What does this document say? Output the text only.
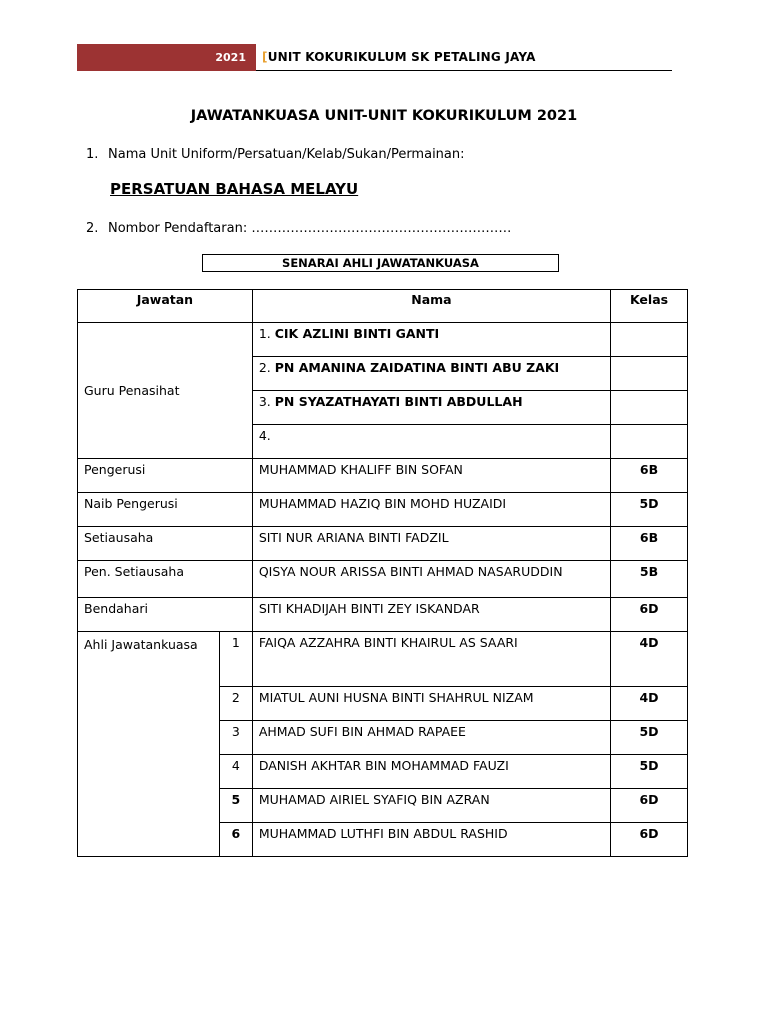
2021 [UNIT KOKURIKULUM SK PETALING JAYA
JAWATANKUASA UNIT-UNIT KOKURIKULUM 2021
1. Nama Unit Uniform/Persatuan/Kelab/Sukan/Permainan:
PERSATUAN BAHASA MELAYU
2. Nombor Pendaftaran: ……………………………………………………
SENARAI AHLI JAWATANKUASA
Jawatan		Nama	Kelas
Guru Penasihat		1. CIK AZLINI BINTI GANTI	
		2. PN AMANINA ZAIDATINA BINTI ABU ZAKI	
		3. PN SYAZATHAYATI BINTI ABDULLAH	
		4.	
Pengerusi		MUHAMMAD KHALIFF BIN SOFAN	6B
Naib Pengerusi		MUHAMMAD HAZIQ BIN MOHD HUZAIDI	5D
Setiausaha		SITI NUR ARIANA BINTI FADZIL	6B
Pen. Setiausaha		QISYA NOUR ARISSA BINTI AHMAD NASARUDDIN	5B
Bendahari		SITI KHADIJAH BINTI ZEY ISKANDAR	6D
Ahli Jawatankuasa	1	FAIQA AZZAHRA BINTI KHAIRUL AS SAARI	4D
	2	MIATUL AUNI HUSNA BINTI SHAHRUL NIZAM	4D
	3	AHMAD SUFI BIN AHMAD RAPAEE	5D
	4	DANISH AKHTAR BIN MOHAMMAD FAUZI	5D
	5	MUHAMAD AIRIEL SYAFIQ BIN AZRAN	6D
	6	MUHAMMAD LUTHFI BIN ABDUL RASHID	6D
